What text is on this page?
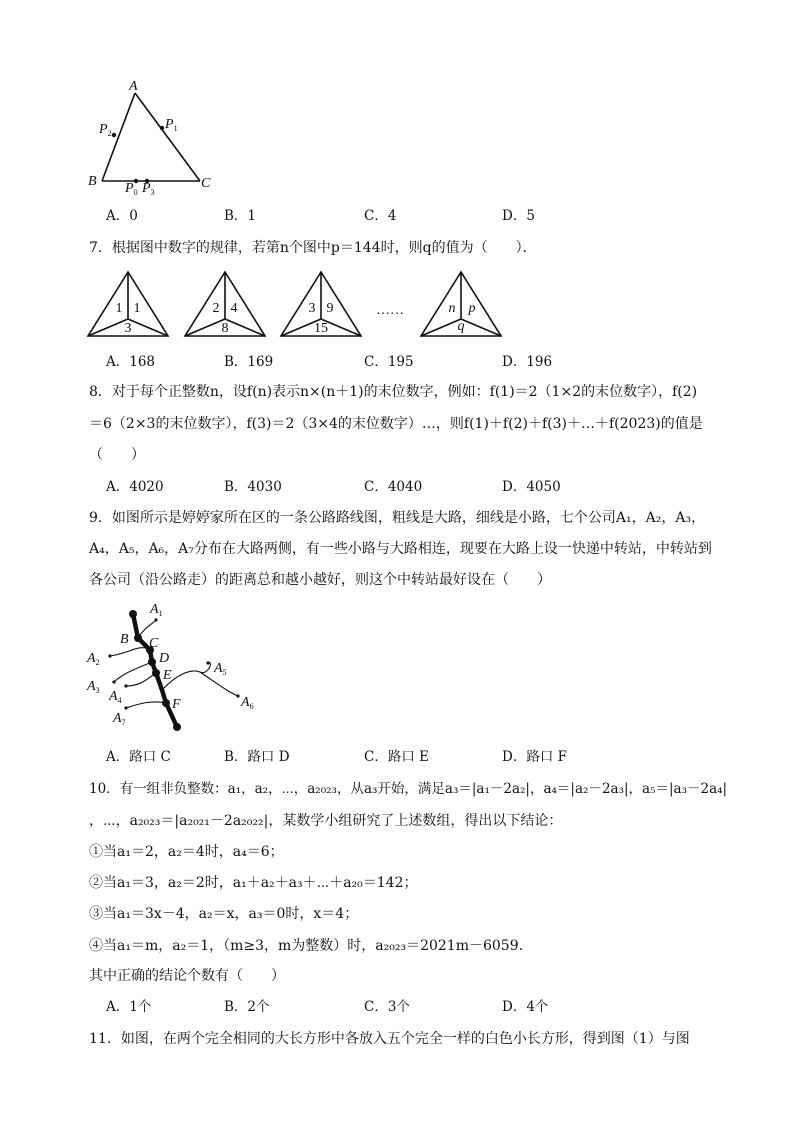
A
B	C
$P_1$
$P_2$
$P_0$ $P_3$
A．0	B．1	C．4	D．5
7．根据图中数字的规律，若第n个图中p＝144时，则q的值为（　　）．
1 1
3
2 4
8
3 9
15
……	n p
q
A．168	B．169	C．195	D．196
8．对于每个正整数n，设f(n)表示n×(n＋1)的末位数字，例如：f(1)＝2（1×2的末位数字），f(2)
＝6（2×3的末位数字），f(3)＝2（3×4的末位数字）…，则f(1)＋f(2)＋f(3)＋…＋f(2023)的值是
（　　）
A．4020	B．4030	C．4040	D．4050
9．如图所示是婷婷家所在区的一条公路路线图，粗线是大路，细线是小路，七个公司A₁，A₂，A₃，
A₄，A₅，A₆，A₇分布在大路两侧，有一些小路与大路相连，现要在大路上设一快递中转站，中转站到
各公司（沿公路走）的距离总和越小越好，则这个中转站最好设在（　　）
B C
D
E
F
$A_1$
$A_2$
$A_3$ $A_4$
$A_5$
$A_6$
$A_7$
A．路口 C	B．路口 D	C．路口 E	D．路口 F
10．有一组非负整数：a₁，a₂，⋯，a₂₀₂₃，从a₃开始，满足a₃＝|a₁－2a₂|，a₄＝|a₂－2a₃|，a₅＝|a₃－2a₄|
，⋯，a₂₀₂₃＝|a₂₀₂₁－2a₂₀₂₂|，某数学小组研究了上述数组，得出以下结论：
①当a₁＝2，a₂＝4时，a₄＝6；
②当a₁＝3，a₂＝2时，a₁＋a₂＋a₃＋⋯＋a₂₀＝142；
③当a₁＝3x－4，a₂＝x，a₃＝0时，x＝4；
④当a₁＝m，a₂＝1，（m≥3，m为整数）时，a₂₀₂₃＝2021m－6059．
其中正确的结论个数有（　　）
A．1个	B．2个	C．3个	D．4个
11．如图，在两个完全相同的大长方形中各放入五个完全一样的白色小长方形，得到图（1）与图
